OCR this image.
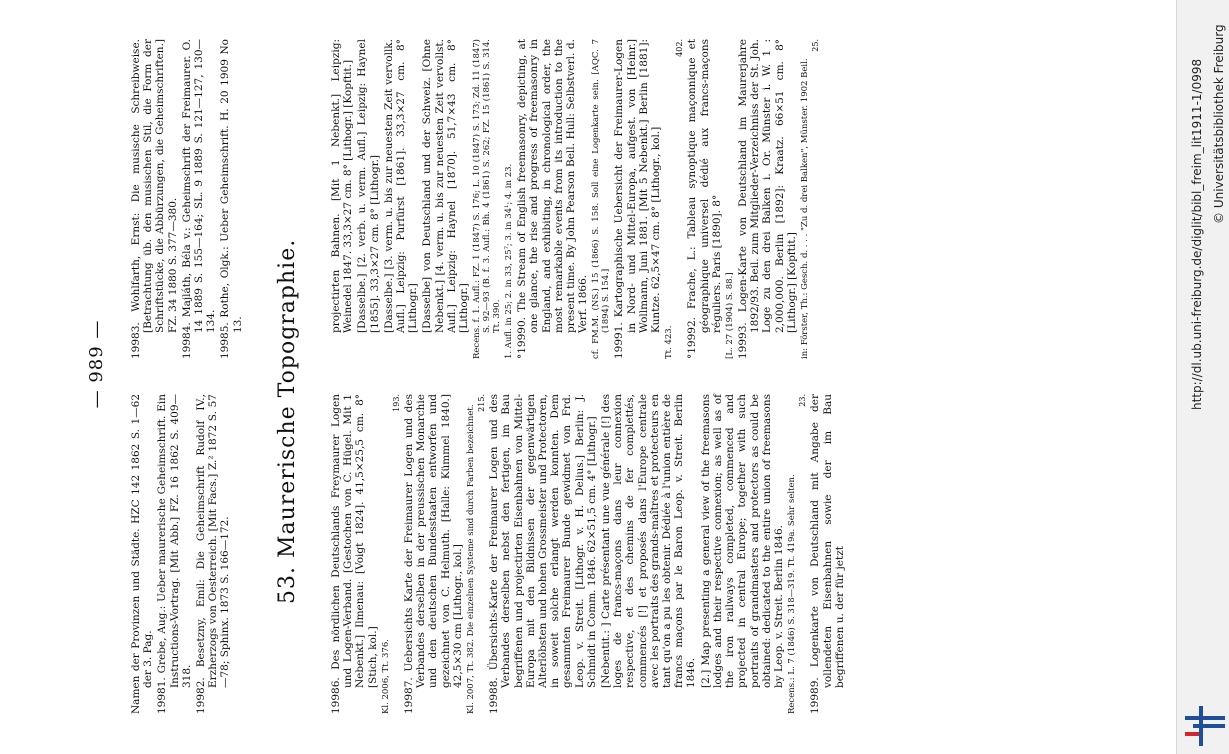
— 989 —
Namen der Provinzen und Städte. HZC 142 1862 S. 1—62 der 3. Pag.
19981. Grebe, Aug.: Ueber maurerische Geheimschrift. Ein Instructions-Vortrag. [Mit Abb.] FZ. 16 1862 S. 409—318. 19982. Besetzny, Emil: Die Geheimschrift Rudolf IV., Erzherzogs von Oesterreich. [Mit Facs.] Z.² 1872 S. 57—78; Sphinx. 1873 S. 166—172.
19983. Wohlfarth, Ernst: Die musische Schreibweise. [Betrachtung üb. den musischen Stil, die Form der Schriftstücke, die Abbürzungen, die Geheimschriften.] FZ. 34 1880 S. 377—380.
19984. Majláth, Béla v.: Geheimschrift der Freimaurer. O. 14 1889 S. 155—164; SL. 9 1889 S. 121—127, 130—134. 19985. Rothe, Olgk.: Ueber Geheimschrift. H. 20 1909 No 13. 53. Maurerische Topographie.
19986. Des nördlichen Deutschlands Freymaurer Logen und Logen-Verband. [Gestochen von C. Hügel. Mit 1 Nebenkt.] Ilmenau: [Voigt 1824]. 41,5×25,5 cm. 8° [Stich, kol.] Kl. 2006, Tt. 376.
193.
19987. Uebersichts Karte der Freimaurer Logen und des Verbandes derselben in der preussischen Monarchie und den deutschen Bundesstaaten entworfen und gezeichnet von C. Helmuth. [Halle: Kümmel 1840.] 42,5×30 cm [Lithogr., kol.] Kl. 2007, Tt. 382. Die einzelnen Systeme sind durch Farben bezeichnet.
215.
19988. Übersichts-Karte der Freimaurer Logen und des Verbandes derselben nebst den fertigen, im Bau begriffenen und projectirten Eisenbahnen von Mittel-Europa mit den Bildnissen der gegenwärtigen Alterlöbsten und hohen Grossmeister und Protectoren, in soweit solche erlangt werden konnten. Dem gesammten Freimaurer Bunde gewidmet von Frd. Leop. v. Streit. [Lithogr. v. H. Delius.] Berlin: J. Schmidt in Comm. 1846. 62×51,5 cm. 4° [Lithogr.] [Nebentit.: ] Carte présentant une vue générale [!] des loges de francs-maçons dans leur connexion respective, et des chemins de fer complettés, commencés [!] et proposés dans l'Europe centrale avec les portraits des grands-maîtres et protecteurs en tant qu'on a pu les obtenir. Dédiée à l'union entière de francs maçons par le Baron Leop. v. Streit. Berlin 1846. [2.] Map presenting a general view of the freemasons lodges and their respective connexion; as well as of the iron railways completed, commenced and projected in central Europe; together with such portraits of grandmasters and protectors as could be obtained: dedicated to the entire union of freemasons by Leop. v. Streit. Berlin 1846. Recens.: L. 7 (1846) S. 318—319. Tt. 419a. Sehr selten.
23.
19989. Logenkarte von Deutschland mit Angabe der vollendeten Eisenbahnen sowie der im Bau begriffenen u. der für jetzt
projectirten Bahnen. [Mit 1 Nebenkt.] Leipzig: Weinedel 1847. 33,3×27 cm. 8° [Lithogr.] [Kopftit.] [Dasselbe.] [2. verb. u. verm. Aufl.] Leipzig: Haynel [1855]. 33,3×27 cm. 8° [Lithogr.] [Dasselbe.] [3. verm. u. bis zur neuesten Zeit vervollk. Aufl.] Leipzig: Purfürst [1861]. 33,3×27 cm. 8° [Lithogr.] [Dasselbe] von Deutschland und der Schweiz. [Ohne Nebenkt.] [4. verm. u. bis zur neuesten Zeit vervollst. Aufl.] Leipzig: Haynel [1870]. 51,7×43 cm. 8° [Lithogr.] Recens. f. 1. Aufl.: FZ. 1 (1847) S. 176; L. 10 (1847) S. 173; Zd. 11 (1847) S. 92—93 (B. f. 3. Aufl.: Bh. 4 (1861) S. 262; FZ. 15 (1861) S. 314. Tt. 390. 1. Aufl. in 25; 2. in 33, 25⁷; 3. in 34¹; 4. in 23. °19990. The Stream of English freemasonry, depicting, at one glance, the rise and progress of freemasonry in England, and exhibiting, in chronological order, the most remarkable events from its introduction to the present time. By John Pearson Bell. Hull: Selbstverl. d. Verf. 1866. cf. FM.M. (NS.) 15 (1866) S. 158. Soll eine Logenkarte sein. [AQC. 7 (1894) S. 154.]
19991. Kartographische Uebersicht der Freimaurer-Logen in Nord- und Mittel-Europa, aufgest. von [Heinr.] Wollmann, Juni 1881. [Mit 5 Nebenkt.] Berlin [1881]: Kuntze. 62,5×47 cm. 8° [Lithogr., kol.]
Tt. 423.
402.
°19992. Frache, L.: Tableau synoptique maçonnique et géographique universel dédié aux francs-maçons réguliers. Paris [1890]. 8° [L. 27 (1904) S. 88.] 19993. Logen-Karte von Deutschland im Maurerjahre 1892/93. Beil. zum Mitglieder-Verzeichniss der St. Joh. Loge zu den drei Balken i. Or. Münster i. W. 1 : 2,000,000. Berlin [1892]: Kraatz. 66×51 cm. 8° [Lithogr.] [Kopftit.] in: Förster, Th.: Gesch. d. . . . "Zu d. drei Balken", Münster. 1902 Beil.
25.
http://dl.ub.uni-freiburg.de/diglit/bibl_freim_lit1911-1/0998 © Universitätsbibliothek Freiburg
